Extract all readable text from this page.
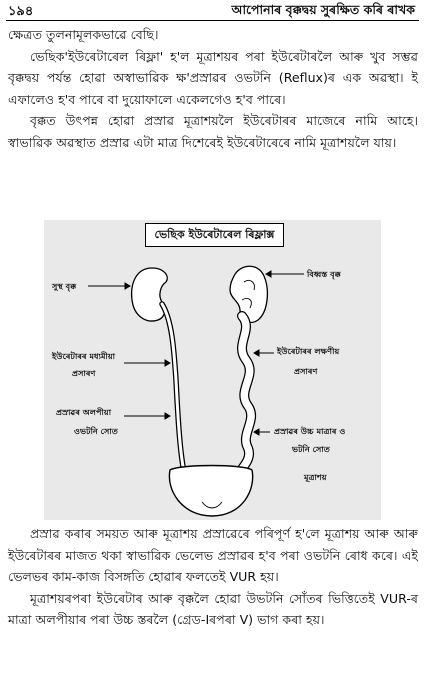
১৯৪	আপোনাৰ বৃক্কদ্বয় সুৰক্ষিত কৰি ৰাখক

ক্ষেত্ৰত তুলনামূলকভাৱে বেছি।

ভেছিক'ইউৰেটাৰেল ৰিফ্লা' হ'ল মূত্ৰাশয়ৰ পৰা ইউৰেটাৰলৈ আৰু খুব সম্ভৱ বৃক্কদ্বয় পৰ্যন্ত হোৱা অস্বাভাৱিক ক্ষ'প্ৰস্ৰাৱৰ ওভটনি (Reflux)ৰ এক অৱস্থা। ই এফালেও হ'ব পাৰে বা দুয়োফালে একেলগেও হ'ব পাৰে।

বৃক্কত উৎপন্ন হোৱা প্ৰস্ৰাৱ মূত্ৰাশয়লৈ ইউৰেটাৰৰ মাজেৰে নামি আহে। স্বাভাৱিক অৱস্থাত প্ৰস্ৰাৱ এটা মাত্ৰ দিশেৰেই ইউৰেটাৰেৰে নামি মূত্ৰাশয়লৈ যায়।

ভেছিক ইউৰেটাৰেল ৰিফ্লাক্স
সুস্থ বৃক্ক
ইউৰেটাৰৰ মধ্যমীয়া
প্ৰসাৰণ
প্ৰস্ৰাৱৰ অলপীয়া
ওভটনি সোত
বিধ্বস্ত বৃক্ক
ইউৰেটাৰৰ লক্ষণীয়
প্ৰসাৰণ
প্ৰস্ৰাৱৰ উচ্চ মাত্ৰাৰ ও
ভটনি সোত
মূত্ৰাশয়

প্ৰস্ৰাৱ কৰাৰ সময়ত আৰু মূত্ৰাশয় প্ৰস্ৰাৱেৰে পৰিপূৰ্ণ হ'লে মূত্ৰাশয় আৰু আৰু ইউৰেটাৰৰ মাজত থকা স্বাভাৱিক ভেলেভ প্ৰস্ৰাৱৰ হ'ব পৰা ওভটনি ৰোধ কৰে। এই ভেলভৰ কাম-কাজ বিসঙ্গতি হোৱাৰ ফলতেই VUR হয়।

মূত্ৰাশয়ৰপৰা ইউৰেটাৰ আৰু বৃক্কলৈ হোৱা উভটনি সোঁতৰ ভিত্তিতেই VUR-ৰ মাত্ৰা অলপীয়াৰ পৰা উচ্চ স্তৰলৈ (গ্ৰেড-Iৰপৰা V) ভাগ কৰা হয়।
